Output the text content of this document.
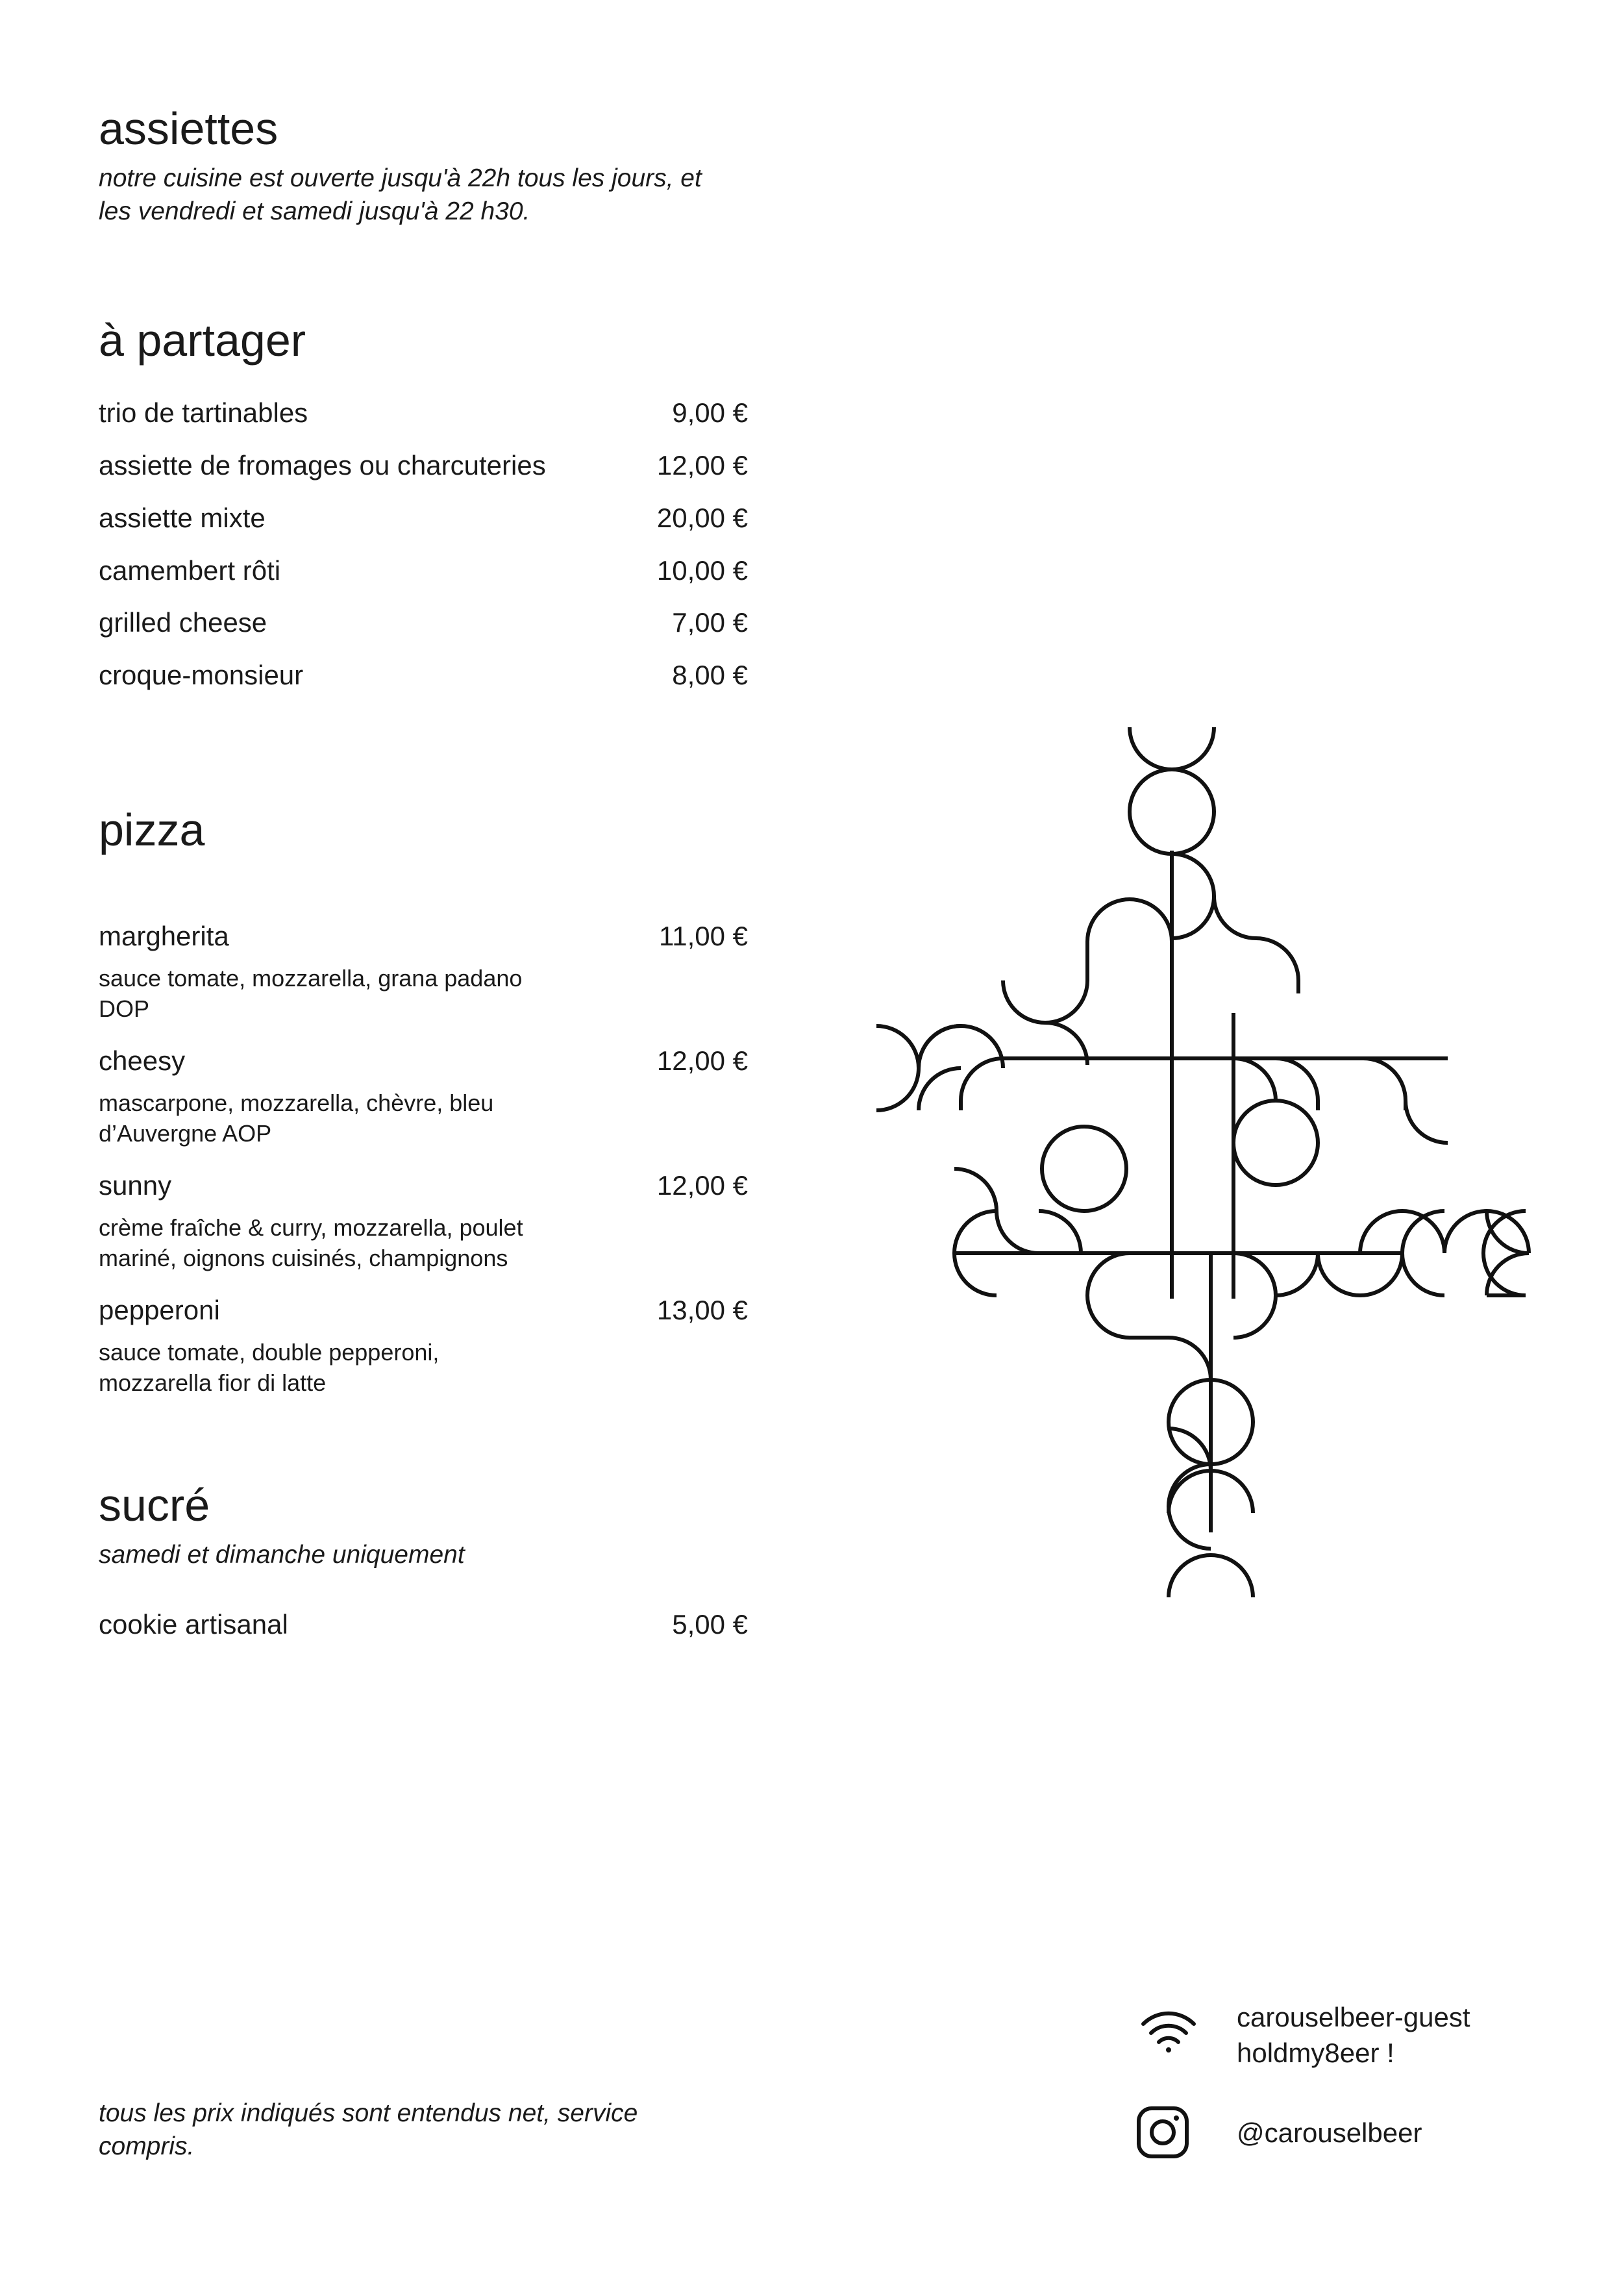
assiettes
notre cuisine est ouverte jusqu'à 22h tous les jours, et
les vendredi et samedi jusqu'à 22 h30.
à partager
trio de tartinables	9,00 €
assiette de fromages ou charcuteries	12,00 €
assiette mixte	20,00 €
camembert rôti	10,00 €
grilled cheese	7,00 €
croque-monsieur	8,00 €
pizza
margherita	11,00 €
sauce tomate, mozzarella, grana padano
DOP
cheesy	12,00 €
mascarpone, mozzarella, chèvre, bleu
d’Auvergne AOP
sunny	12,00 €
crème fraîche & curry, mozzarella, poulet
mariné, oignons cuisinés, champignons
pepperoni	13,00 €
sauce tomate, double pepperoni,
mozzarella fior di latte
sucré
samedi et dimanche uniquement
cookie artisanal	5,00 €
tous les prix indiqués sont entendus net, service
compris.
carouselbeer-guest
holdmy8eer !
@carouselbeer
